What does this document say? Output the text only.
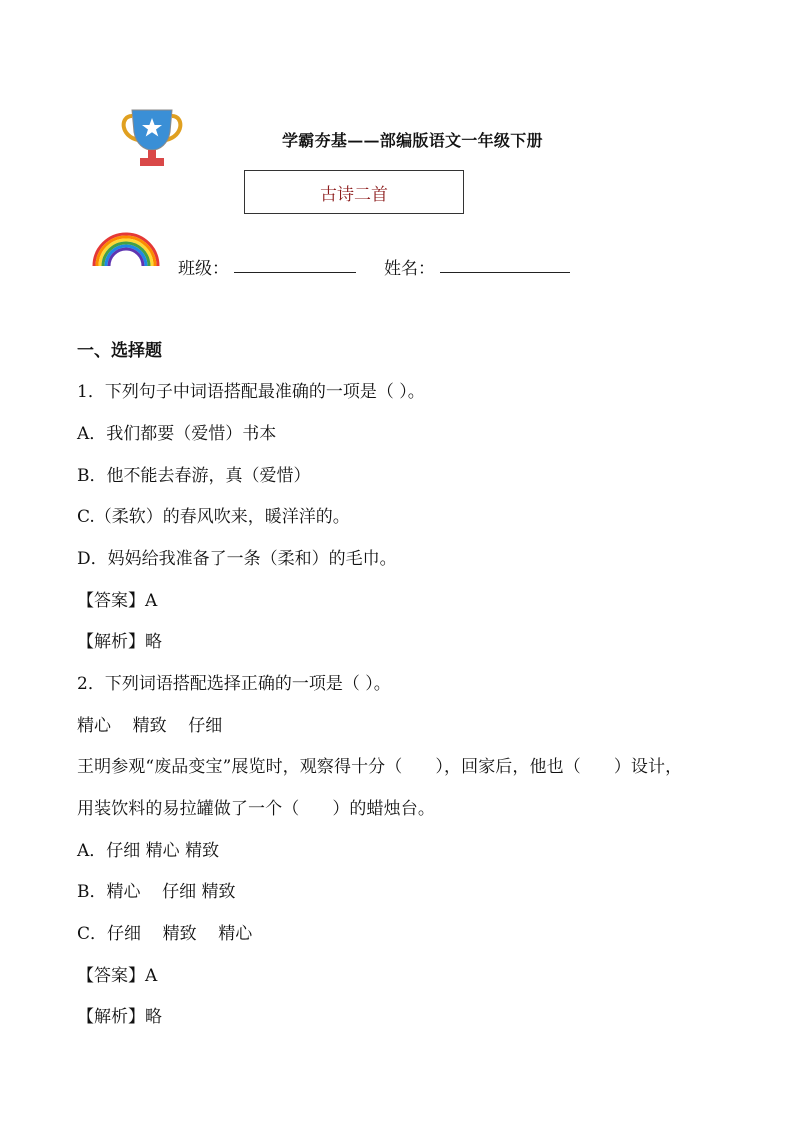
学霸夯基——部编版语文一年级下册
古诗二首
班级：	姓名：
一、选择题
1．下列句子中词语搭配最准确的一项是（ ）。
A．我们都要（爱惜）书本
B．他不能去春游，真（爱惜）
C.（柔软）的春风吹来，暖洋洋的。
D．妈妈给我准备了一条（柔和）的毛巾。
【答案】A
【解析】略
2．下列词语搭配选择正确的一项是（ ）。
精心    精致    仔细
王明参观“废品变宝”展览时，观察得十分（      ），回家后，他也（      ）设计，
用装饮料的易拉罐做了一个（      ）的蜡烛台。
A．仔细 精心 精致
B．精心    仔细 精致
C．仔细    精致    精心
【答案】A
【解析】略
